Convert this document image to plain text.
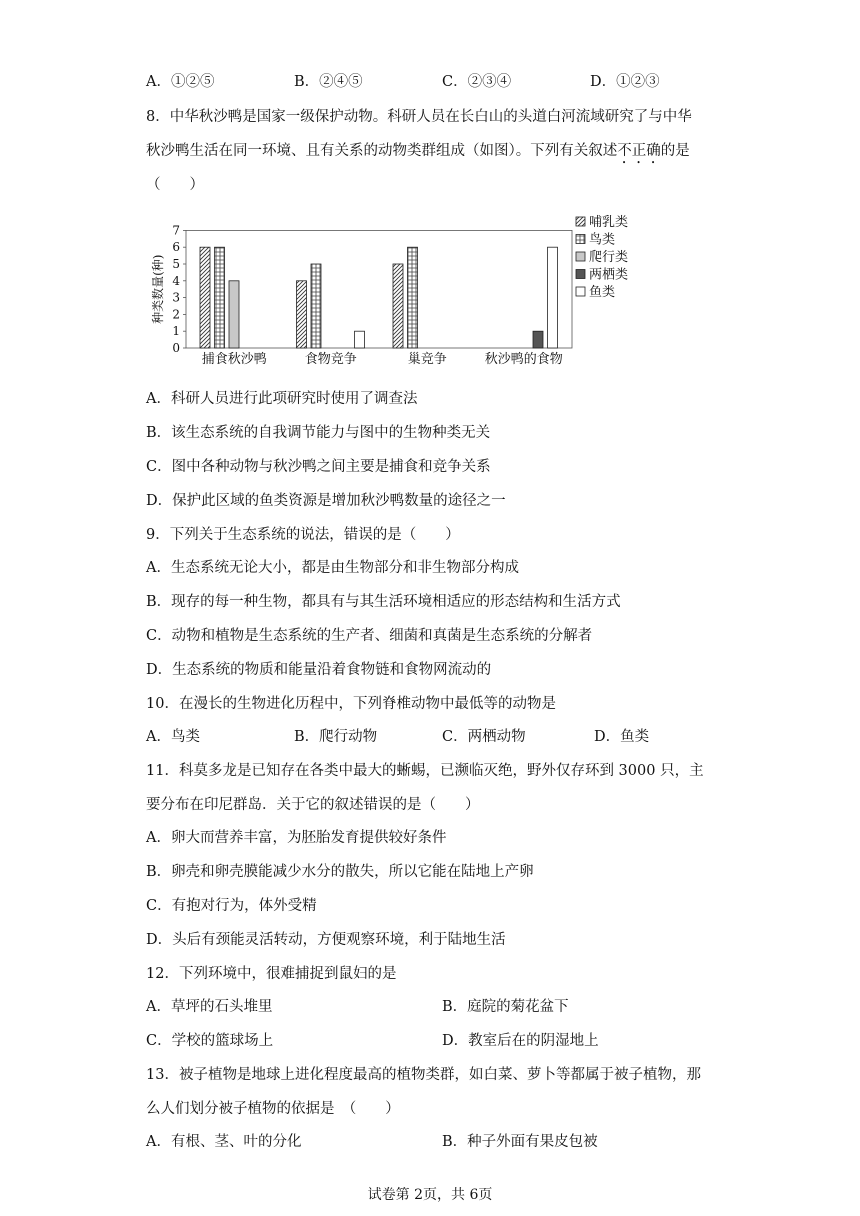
A．①②⑤	B．②④⑤	C．②③④	D．①②③
8．中华秋沙鸭是国家一级保护动物。科研人员在长白山的头道白河流域研究了与中华
秋沙鸭生活在同一环境、且有关系的动物类群组成（如图）。下列有关叙述不正确的是
（　　）
0
1
2
3
4
5
6
7
种类数量(种)
捕食秋沙鸭	食物竞争	巢竞争	秋沙鸭的食物
哺乳类
鸟类
爬行类
两栖类
鱼类
A．科研人员进行此项研究时使用了调查法
B．该生态系统的自我调节能力与图中的生物种类无关
C．图中各种动物与秋沙鸭之间主要是捕食和竞争关系
D．保护此区域的鱼类资源是增加秋沙鸭数量的途径之一
9．下列关于生态系统的说法，错误的是（　　）
A．生态系统无论大小，都是由生物部分和非生物部分构成
B．现存的每一种生物，都具有与其生活环境相适应的形态结构和生活方式
C．动物和植物是生态系统的生产者、细菌和真菌是生态系统的分解者
D．生态系统的物质和能量沿着食物链和食物网流动的
10．在漫长的生物进化历程中，下列脊椎动物中最低等的动物是
A．鸟类	B．爬行动物	C．两栖动物	D．鱼类
11．科莫多龙是已知存在各类中最大的蜥蜴，已濒临灭绝，野外仅存环到 3000 只，主
要分布在印尼群岛．关于它的叙述错误的是（　　）
A．卵大而营养丰富，为胚胎发育提供较好条件
B．卵壳和卵壳膜能减少水分的散失，所以它能在陆地上产卵
C．有抱对行为，体外受精
D．头后有颈能灵活转动，方便观察环境，利于陆地生活
12．下列环境中，很难捕捉到鼠妇的是
A．草坪的石头堆里	B．庭院的菊花盆下
C．学校的篮球场上	D．教室后在的阴湿地上
13．被子植物是地球上进化程度最高的植物类群，如白菜、萝卜等都属于被子植物，那
么人们划分被子植物的依据是　（　　）
A．有根、茎、叶的分化	B．种子外面有果皮包被
试卷第 2页，共 6页
